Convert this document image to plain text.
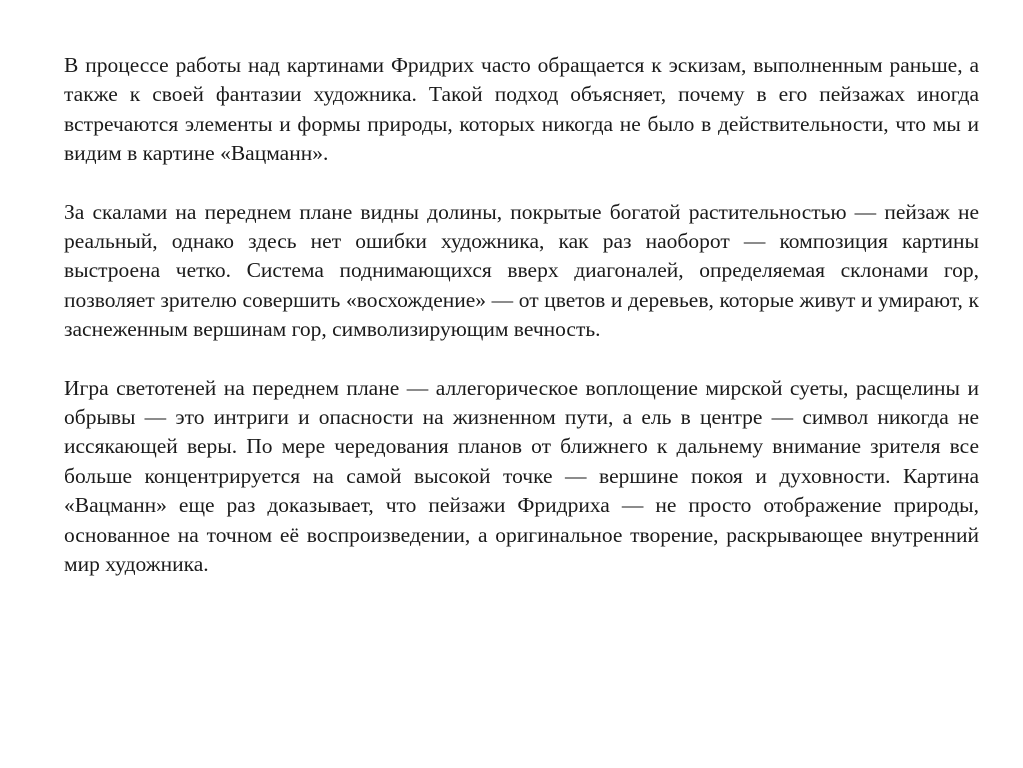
В процессе работы над картинами Фридрих часто обращается к эскизам, выполненным раньше, а также к своей фантазии художника. Такой подход объясняет, почему в его пейзажах иногда встречаются элементы и формы природы, которых никогда не было в действительности, что мы и видим в картине «Вацманн».

За скалами на переднем плане видны долины, покрытые богатой растительностью — пейзаж не реальный, однако здесь нет ошибки художника, как раз наоборот — композиция картины выстроена четко. Система поднимающихся вверх диагоналей, определяемая склонами гор, позволяет зрителю совершить «восхождение» — от цветов и деревьев, которые живут и умирают, к заснеженным вершинам гор, символизирующим вечность.

Игра светотеней на переднем плане — аллегорическое воплощение мирской суеты, расщелины и обрывы — это интриги и опасности на жизненном пути, а ель в центре — символ никогда не иссякающей веры. По мере чередования планов от ближнего к дальнему внимание зрителя все больше концентрируется на самой высокой точке — вершине покоя и духовности. Картина «Вацманн» еще раз доказывает, что пейзажи Фридриха — не просто отображение природы, основанное на точном её воспроизведении, а оригинальное творение, раскрывающее внутренний мир художника.
